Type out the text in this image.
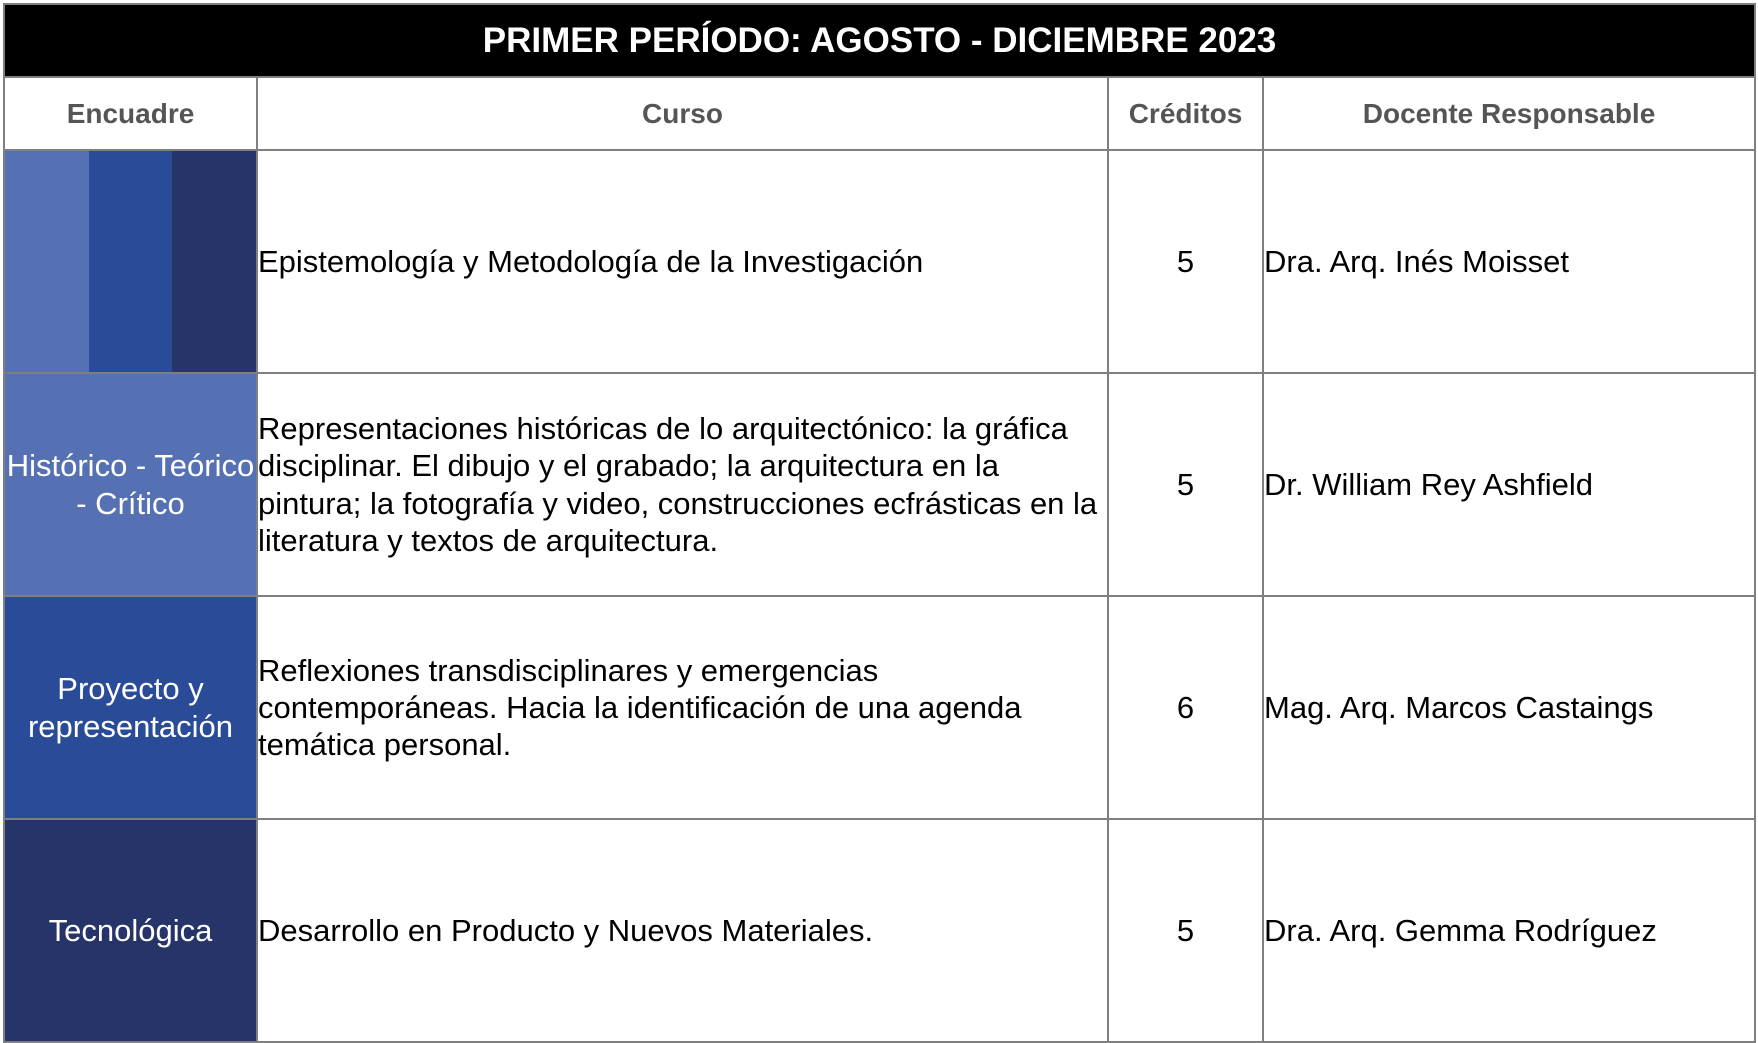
PRIMER PERÍODO: AGOSTO - DICIEMBRE 2023			
Encuadre	Curso	Créditos	Docente Responsable

	Epistemología y Metodología de la Investigación	5	Dra. Arq. Inés Moisset
Histórico - Teórico - Crítico	Representaciones históricas de lo arquitectónico: la gráfica disciplinar. El dibujo y el grabado; la arquitectura en la pintura; la fotografía y video, construcciones ecfrásticas en la literatura y textos de arquitectura.	5	Dr. William Rey Ashfield
Proyecto y representación	Reflexiones transdisciplinares y emergencias contemporáneas. Hacia la identificación de una agenda temática personal.	6	Mag. Arq. Marcos Castaings
Tecnológica	Desarrollo en Producto y Nuevos Materiales.	5	Dra. Arq. Gemma Rodríguez
